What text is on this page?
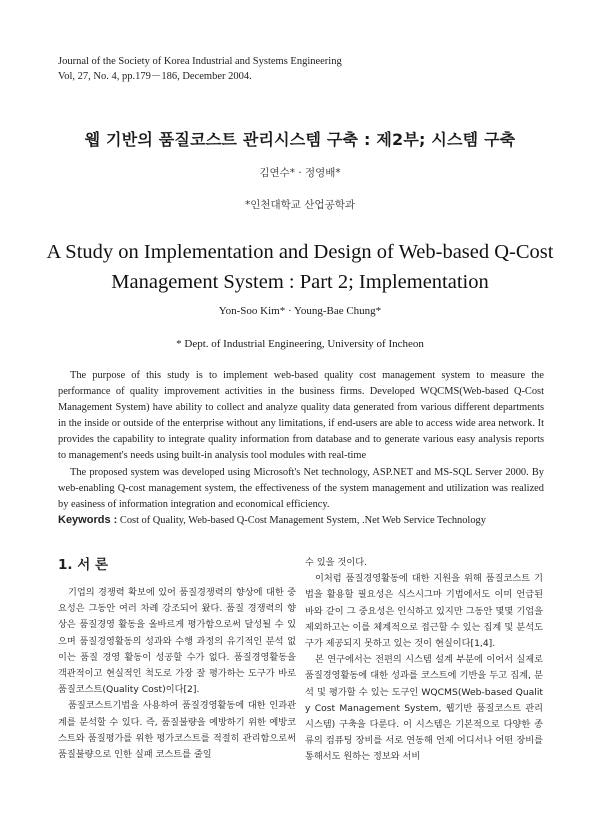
Journal of the Society of Korea Industrial and Systems Engineering
Vol, 27, No. 4, pp.179－186, December 2004.
웹 기반의 품질코스트 관리시스템 구축 : 제2부; 시스템 구축
김연수* · 정영배*
*인천대학교 산업공학과
A Study on Implementation and Design of Web-based Q-Cost
Management System : Part 2; Implementation
Yon-Soo Kim* · Young-Bae Chung*
* Dept. of Industrial Engineering, University of Incheon

The purpose of this study is to implement web-based quality cost management system to measure the performance of quality improvement activities in the business firms. Developed WQCMS(Web-based Q-Cost Management System) have ability to collect and analyze quality data generated from various different departments in the inside or outside of the enterprise without any limitations, if end-users are able to access wide area network. It provides the capability to integrate quality information from database and to generate various easy analysis reports to management's needs using built-in analysis tool modules with real-time

The proposed system was developed using Microsoft's Net technology, ASP.NET and MS-SQL Server 2000. By web-enabling Q-cost management system, the effectiveness of the system management and utilization was realized by easiness of information integration and economical efficiency.

Keywords : Cost of Quality, Web-based Q-Cost Management System, .Net Web Service Technology
1. 서 론

기업의 경쟁력 확보에 있어 품질경쟁력의 향상에 대한 중요성은 그동안 여러 차례 강조되어 왔다. 품질 경쟁력의 향상은 품질경영 활동을 올바르게 평가함으로써 달성될 수 있으며 품질경영활동의 성과와 수행 과정의 유기적인 분석 없이는 품질 경영 활동이 성공할 수가 없다. 품질경영활동을 객관적이고 현실적인 척도로 가장 잘 평가하는 도구가 바로 품질코스트(Quality Cost)이다[2].

품질코스트기법을 사용하여 품질경영활동에 대한 인과관계를 분석할 수 있다. 즉, 품질불량을 예방하기 위한 예방코스트와 품질평가를 위한 평가코스트를 적절히 관리함으로써 품질불량으로 인한 실패 코스트를 줄일

수 있을 것이다.

이처럼 품질경영활동에 대한 지원을 위해 품질코스트 기법을 활용할 필요성은 식스시그마 기법에서도 이미 언급된 바와 같이 그 중요성은 인식하고 있지만 그동안 몇몇 기업을 제외하고는 이를 체계적으로 접근할 수 있는 집계 및 분석도구가 제공되지 못하고 있는 것이 현실이다[1,4].

본 연구에서는 전편의 시스템 설계 부분에 이어서 실제로 품질경영활동에 대한 성과를 코스트에 기반을 두고 집계, 분석 및 평가할 수 있는 도구인 WQCMS(Web-based Quality Cost Management System, 웹기반 품질코스트 관리 시스템) 구축을 다룬다. 이 시스템은 기본적으로 다양한 종류의 컴퓨팅 장비를 서로 연동해 언제 어디서나 어떤 장비를 통해서도 원하는 정보와 서비
